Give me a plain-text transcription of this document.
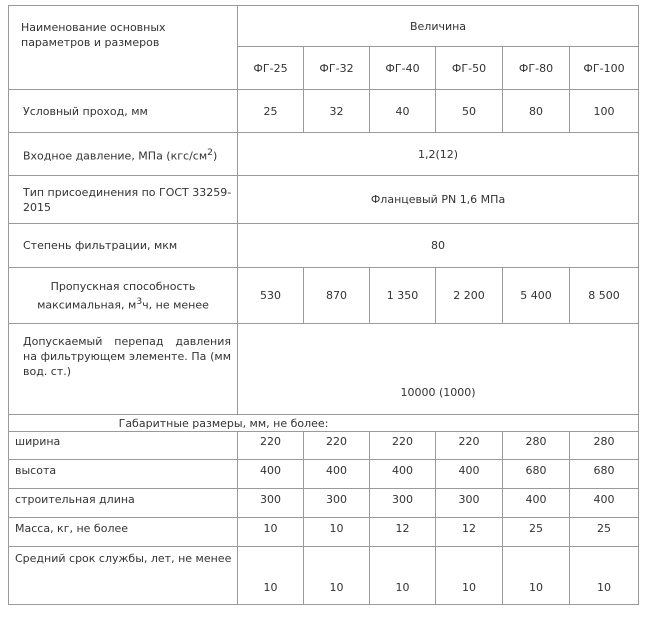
Наименование основных параметров и размеров	Величина					
	ФГ-25	ФГ-32	ФГ-40	ФГ-50	ФГ-80	ФГ-100
Условный проход, мм	25	32	40	50	80	100
Входное давление, МПа $(кгс/см^2)$	1,2(12)					
Тип присоединения по ГОСТ 33259-2015	Фланцевый PN 1,6 МПа					
Степень фильтрации, мкм	80					
Пропускная способность максимальная, $м^3ч$, не менее	530	870	1 350	2 200	5 400	8 500
Допускаемый перепад давления на фильтрующем элементе. Па (мм вод. ст.)	10000 (1000)					
Габаритные размеры, мм, не более:						
ширина	220	220	220	220	280	280
высота	400	400	400	400	680	680
строительная длина	300	300	300	300	400	400
Масса, кг, не более	10	10	12	12	25	25
Средний срок службы, лет, не менее	10	10	10	10	10	10
